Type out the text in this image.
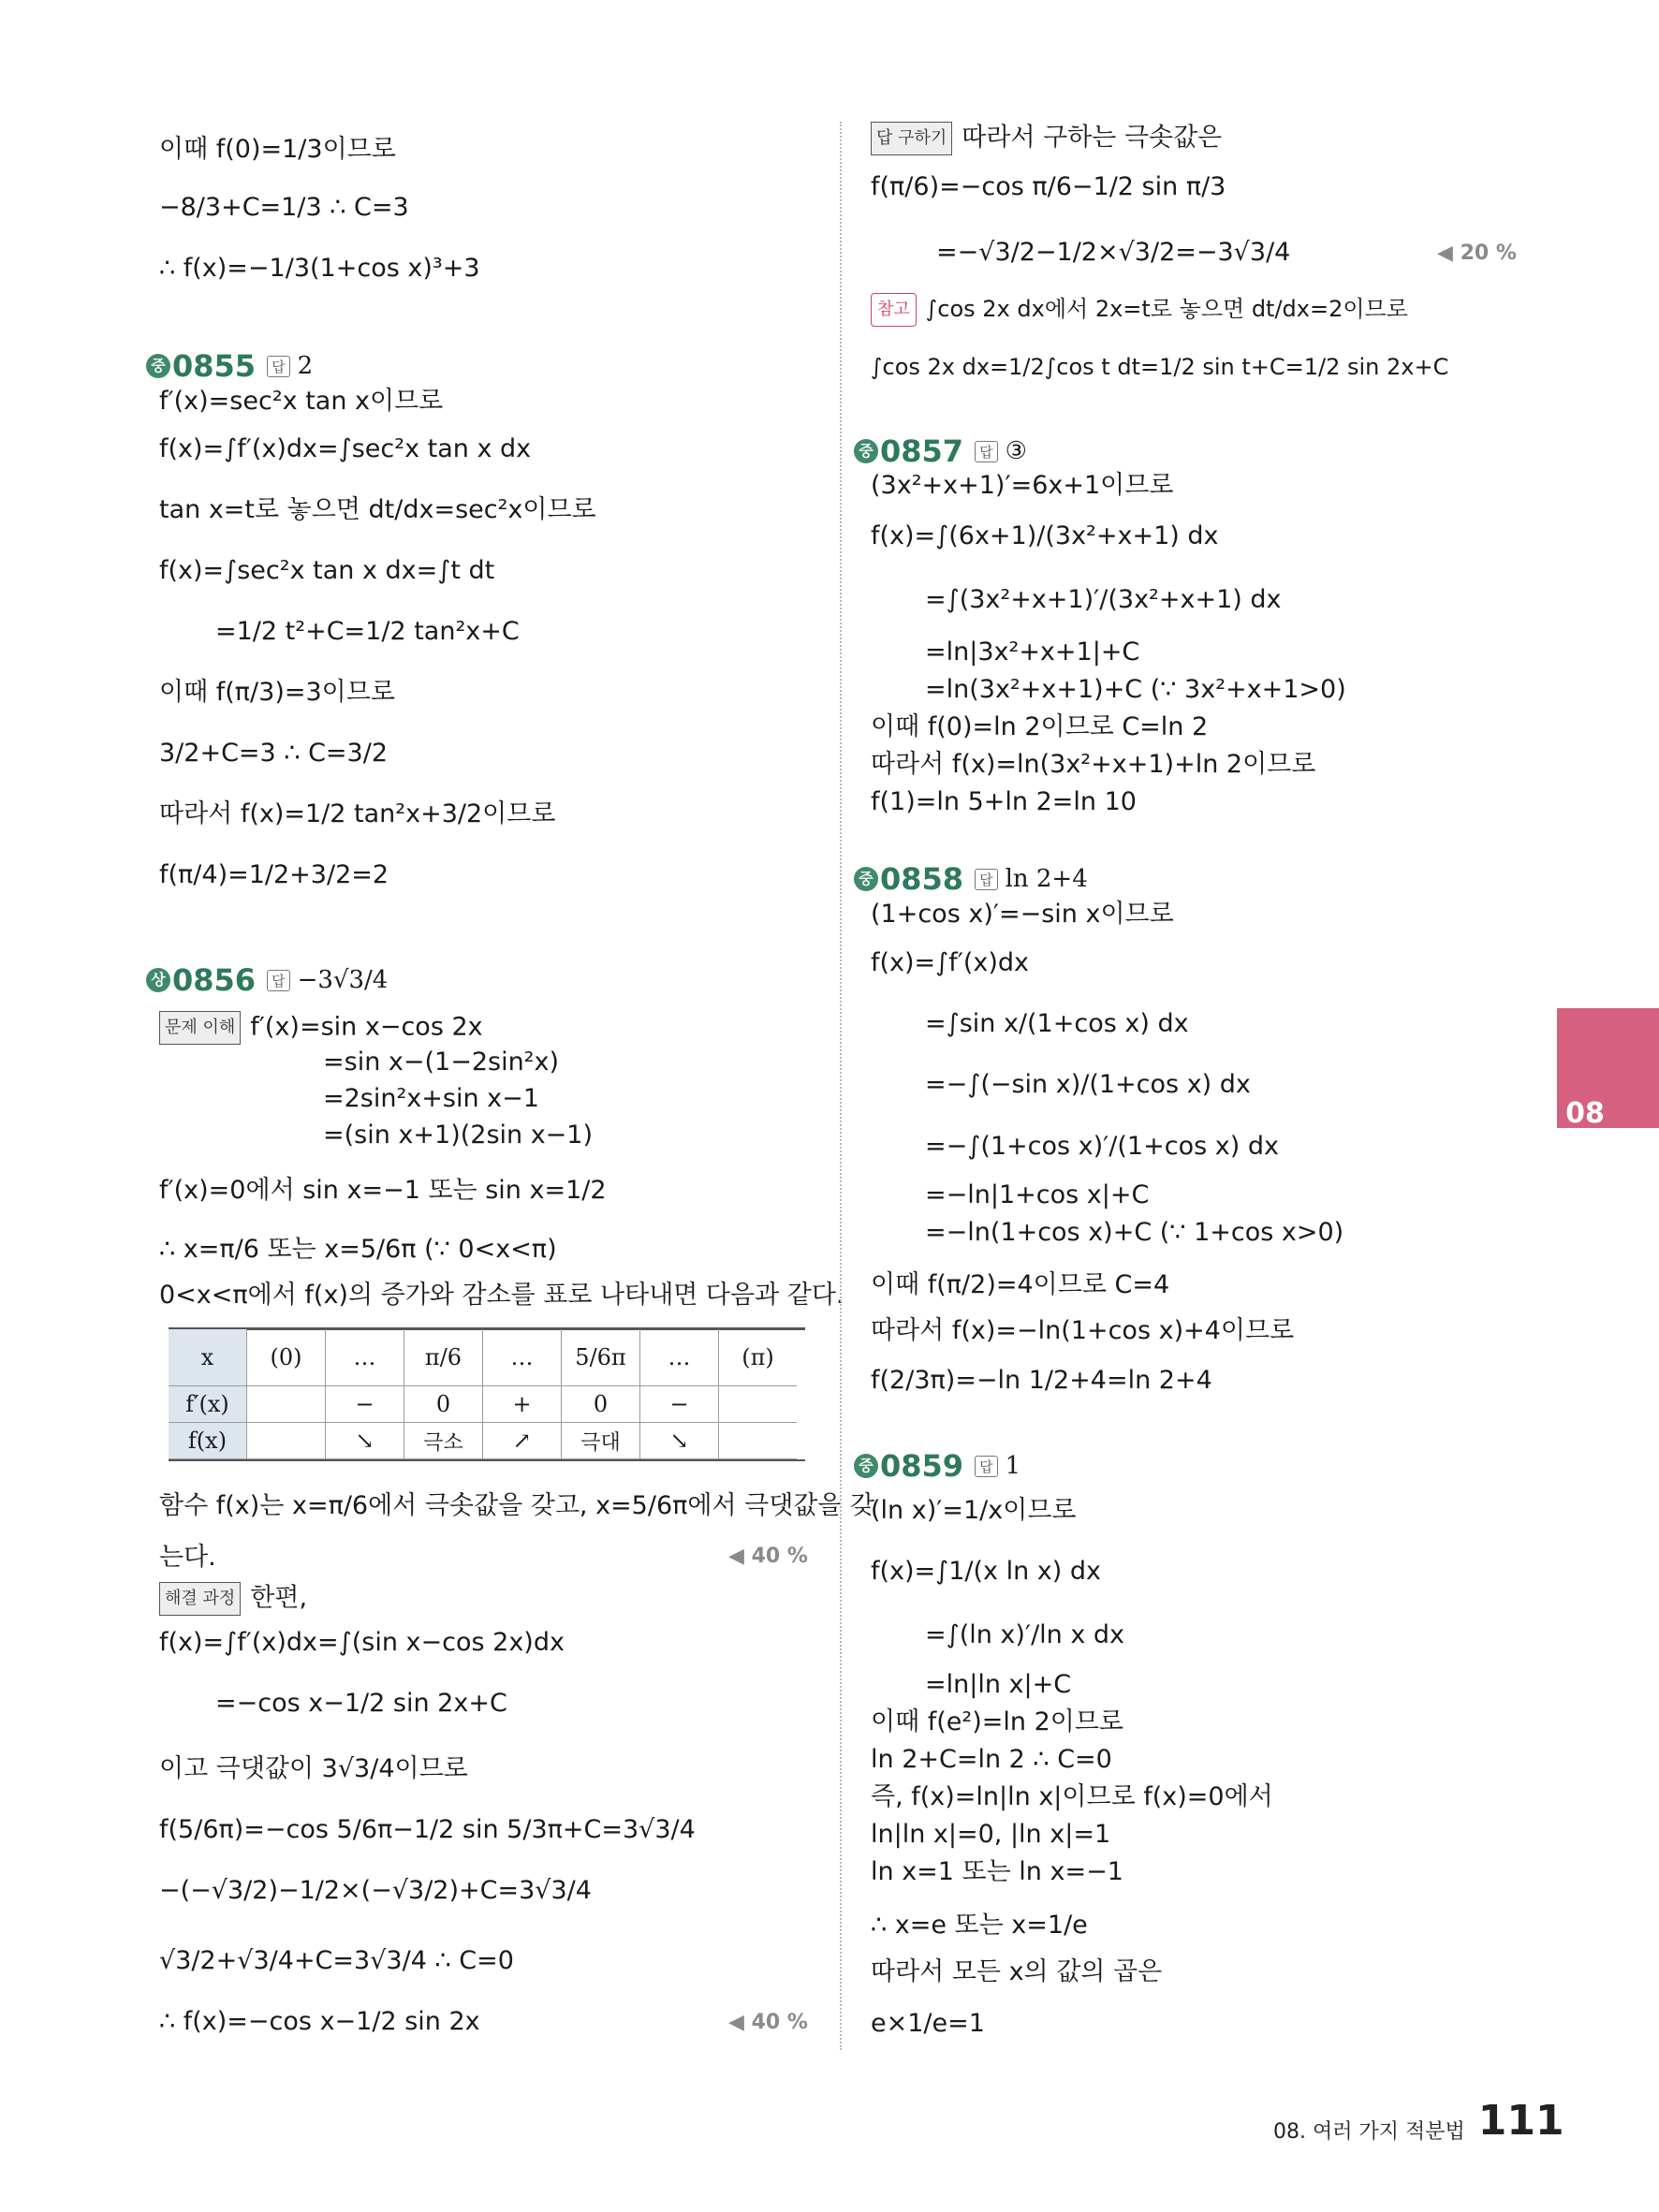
이때 f(0)=1/3이므로
−8/3+C=1/3 ∴ C=3
∴ f(x)=−1/3(1+cos x)³+3
중 0855 답 2
f′(x)=sec²x tan x이므로
f(x)=∫f′(x)dx=∫sec²x tan x dx
tan x=t로 놓으면 dt/dx=sec²x이므로
f(x)=∫sec²x tan x dx=∫t dt
=1/2 t²+C=1/2 tan²x+C
이때 f(π/3)=3이므로
3/2+C=3 ∴ C=3/2
따라서 f(x)=1/2 tan²x+3/2이므로
f(π/4)=1/2+3/2=2
상 0856 답 −3√3/4
문제 이해 f′(x)=sin x−cos 2x
=sin x−(1−2sin²x)
=2sin²x+sin x−1
=(sin x+1)(2sin x−1)
f′(x)=0에서 sin x=−1 또는 sin x=1/2
∴ x=π/6 또는 x=5/6π (∵ 0<x<π)
0<x<π에서 f(x)의 증가와 감소를 표로 나타내면 다음과 같다.
함수 f(x)는 x=π/6에서 극솟값을 갖고, x=5/6π에서 극댓값을 갖
는다.	◀ 40 %
해결 과정 한편,
f(x)=∫f′(x)dx=∫(sin x−cos 2x)dx
=−cos x−1/2 sin 2x+C
이고 극댓값이 3√3/4이므로
f(5/6π)=−cos 5/6π−1/2 sin 5/3π+C=3√3/4
−(−√3/2)−1/2×(−√3/2)+C=3√3/4
√3/2+√3/4+C=3√3/4 ∴ C=0
∴ f(x)=−cos x−1/2 sin 2x	◀ 40 %
x	(0)	…	π/6	…	5/6π	…	(π)
f′(x)		−	0	+	0	−	
f(x)		↘	극소	↗	극대	↘	
답 구하기 따라서 구하는 극솟값은
f(π/6)=−cos π/6−1/2 sin π/3
=−√3/2−1/2×√3/2=−3√3/4	◀ 20 %
참고 ∫cos 2x dx에서 2x=t로 놓으면 dt/dx=2이므로
∫cos 2x dx=1/2∫cos t dt=1/2 sin t+C=1/2 sin 2x+C
중 0857 답 ③
(3x²+x+1)′=6x+1이므로
f(x)=∫(6x+1)/(3x²+x+1) dx
=∫(3x²+x+1)′/(3x²+x+1) dx
=ln|3x²+x+1|+C
=ln(3x²+x+1)+C (∵ 3x²+x+1>0)
이때 f(0)=ln 2이므로 C=ln 2
따라서 f(x)=ln(3x²+x+1)+ln 2이므로
f(1)=ln 5+ln 2=ln 10
중 0858 답 ln 2+4
(1+cos x)′=−sin x이므로
f(x)=∫f′(x)dx
=∫sin x/(1+cos x) dx
=−∫(−sin x)/(1+cos x) dx
=−∫(1+cos x)′/(1+cos x) dx
=−ln|1+cos x|+C
=−ln(1+cos x)+C (∵ 1+cos x>0)
이때 f(π/2)=4이므로 C=4
따라서 f(x)=−ln(1+cos x)+4이므로
f(2/3π)=−ln 1/2+4=ln 2+4
중 0859 답 1
(ln x)′=1/x이므로
f(x)=∫1/(x ln x) dx
=∫(ln x)′/ln x dx
=ln|ln x|+C
이때 f(e²)=ln 2이므로
ln 2+C=ln 2 ∴ C=0
즉, f(x)=ln|ln x|이므로 f(x)=0에서
ln|ln x|=0, |ln x|=1
ln x=1 또는 ln x=−1
∴ x=e 또는 x=1/e
따라서 모든 x의 값의 곱은
e×1/e=1
08
08. 여러 가지 적분법 111
